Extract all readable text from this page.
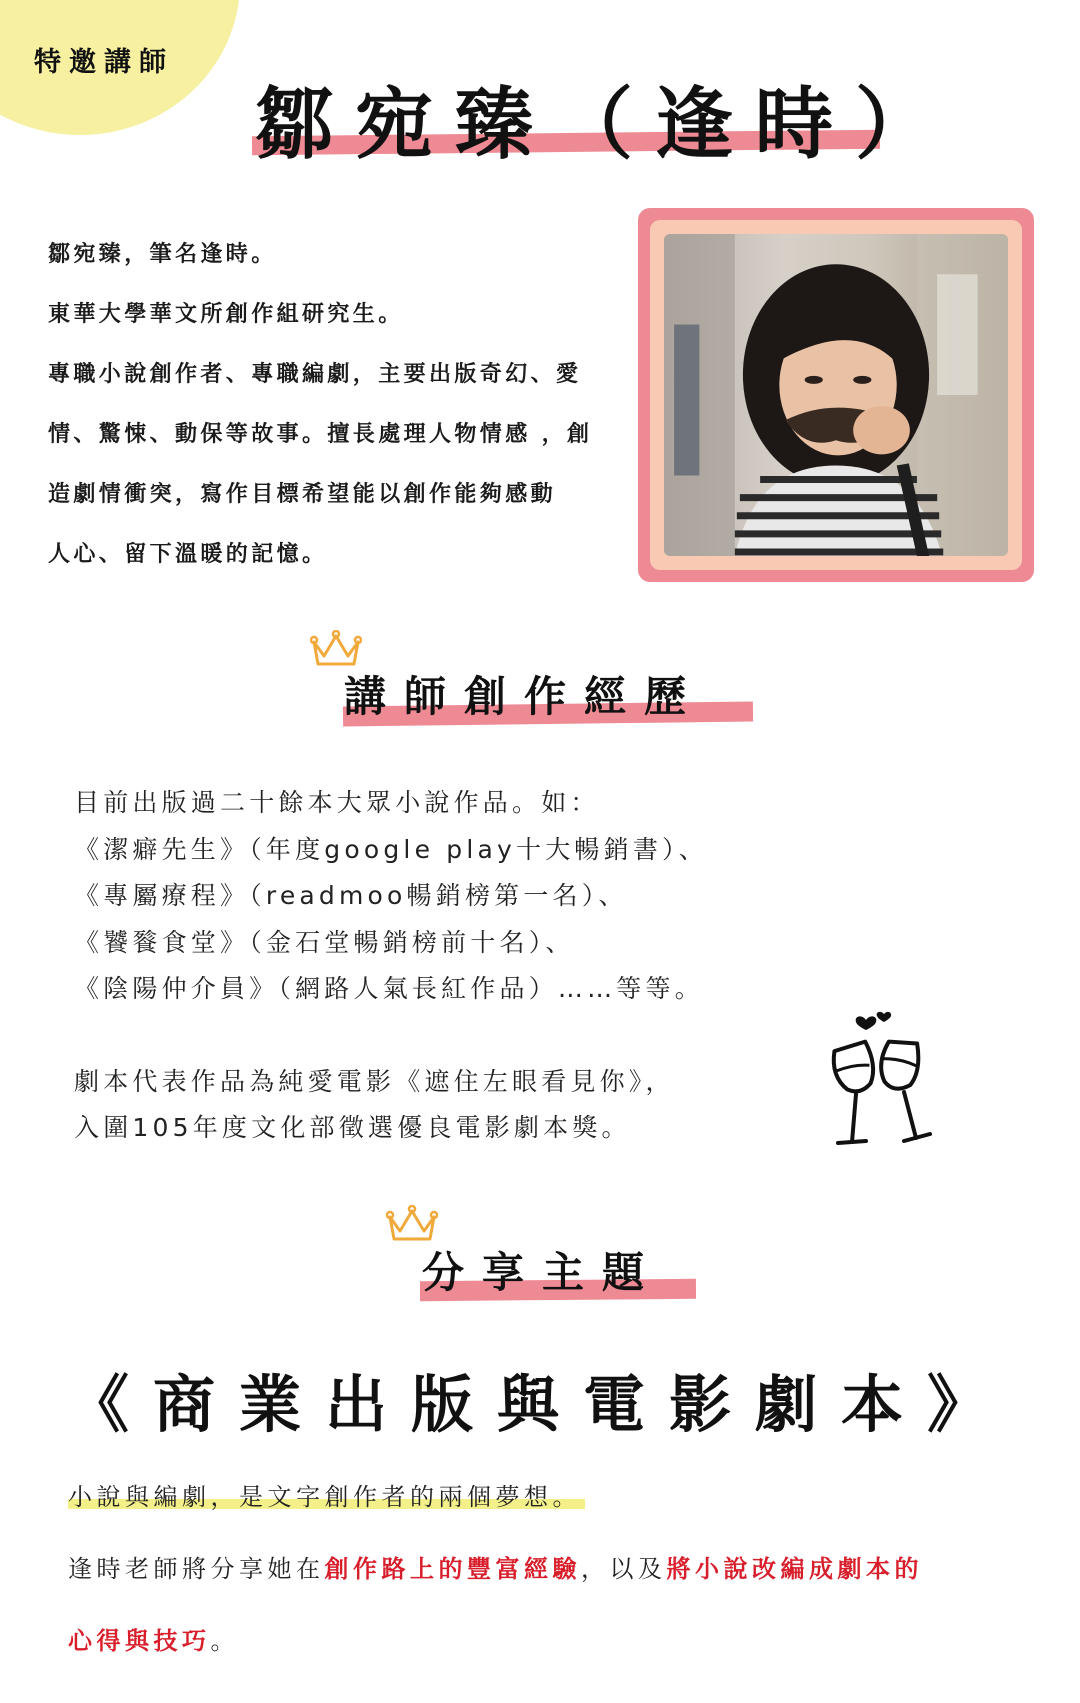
特邀講師
鄒宛臻（逢時）
鄒宛臻，筆名逢時。
東華大學華文所創作組研究生。
專職小說創作者、專職編劇，主要出版奇幻、愛
情、驚悚、動保等故事。擅長處理人物情感 ，創
造劇情衝突，寫作目標希望能以創作能夠感動
人心、留下溫暖的記憶。
講師創作經歷
目前出版過二十餘本大眾小說作品。如：
《潔癖先生》（年度google play十大暢銷書）、
《專屬療程》（readmoo暢銷榜第一名）、
《饕餮食堂》（金石堂暢銷榜前十名）、
《陰陽仲介員》（網路人氣長紅作品）……等等。
劇本代表作品為純愛電影《遮住左眼看見你》，
入圍105年度文化部徵選優良電影劇本獎。
分享主題
《商業出版與電影劇本》
小說與編劇，是文字創作者的兩個夢想。
逢時老師將分享她在創作路上的豐富經驗，以及將小說改編成劇本的
心得與技巧。
